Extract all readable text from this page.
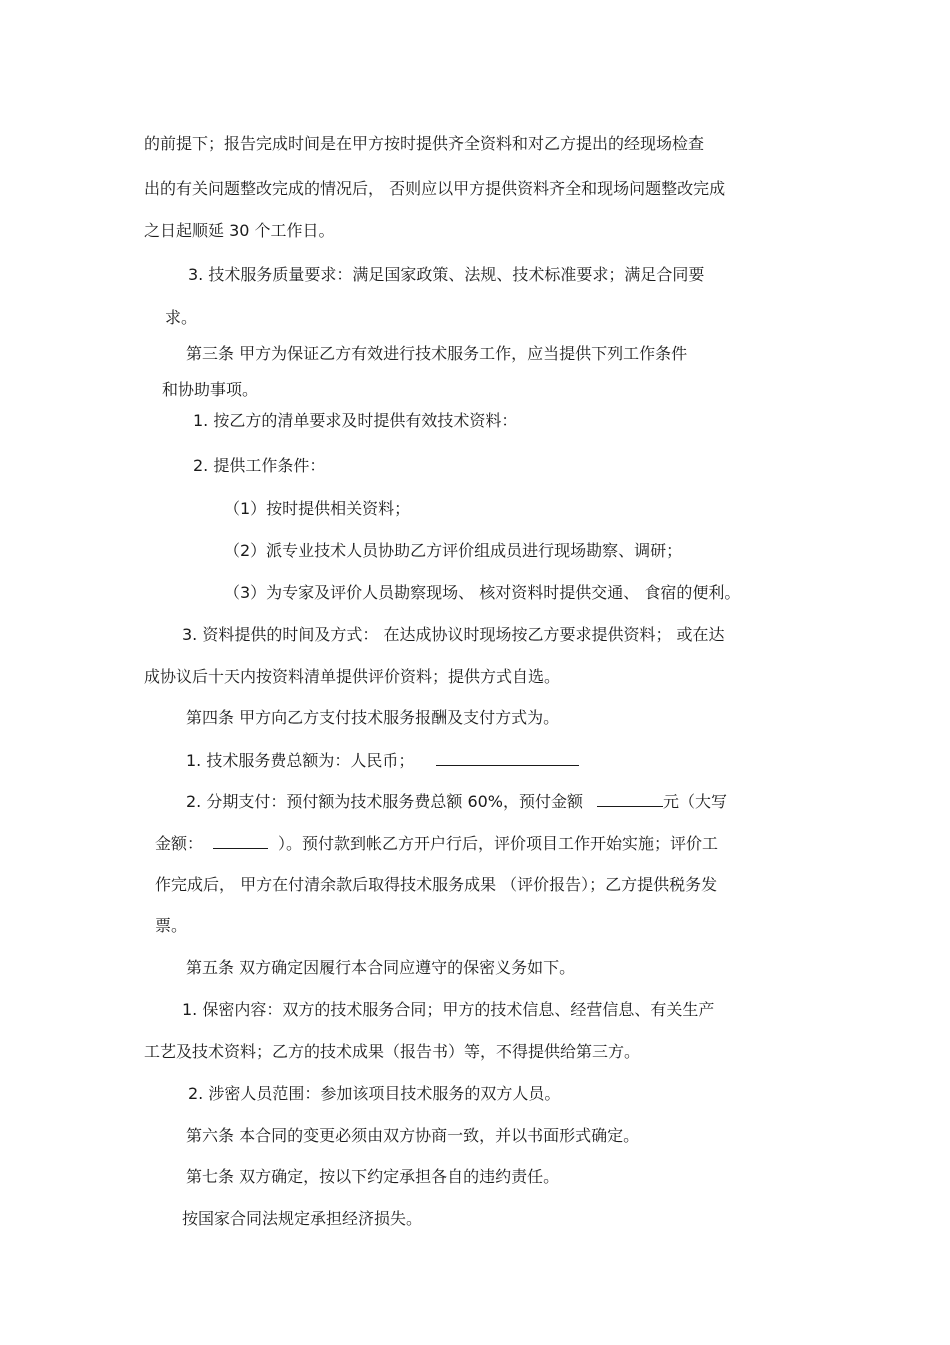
的前提下；报告完成时间是在甲方按时提供齐全资料和对乙方提出的经现场检查

出的有关问题整改完成的情况后， 否则应以甲方提供资料齐全和现场问题整改完成

之日起顺延 30 个工作日。

3. 技术服务质量要求：满足国家政策、法规、技术标准要求；满足合同要

求。

第三条 甲方为保证乙方有效进行技术服务工作，应当提供下列工作条件

和协助事项。

1. 按乙方的清单要求及时提供有效技术资料：

2. 提供工作条件：

（1）按时提供相关资料；

（2）派专业技术人员协助乙方评价组成员进行现场勘察、调研；

（3）为专家及评价人员勘察现场、 核对资料时提供交通、 食宿的便利。

3. 资料提供的时间及方式： 在达成协议时现场按乙方要求提供资料； 或在达

成协议后十天内按资料清单提供评价资料；提供方式自选。

第四条 甲方向乙方支付技术服务报酬及支付方式为。

1. 技术服务费总额为：人民币；

2. 分期支付：预付额为技术服务费总额 60%，预付金额	元（大写

金额：	）。预付款到帐乙方开户行后，评价项目工作开始实施；评价工

作完成后， 甲方在付清余款后取得技术服务成果 （评价报告）；乙方提供税务发

票。

第五条 双方确定因履行本合同应遵守的保密义务如下。

1. 保密内容：双方的技术服务合同；甲方的技术信息、经营信息、有关生产

工艺及技术资料；乙方的技术成果（报告书）等，不得提供给第三方。

2. 涉密人员范围：参加该项目技术服务的双方人员。

第六条 本合同的变更必须由双方协商一致，并以书面形式确定。

第七条 双方确定，按以下约定承担各自的违约责任。

按国家合同法规定承担经济损失。
